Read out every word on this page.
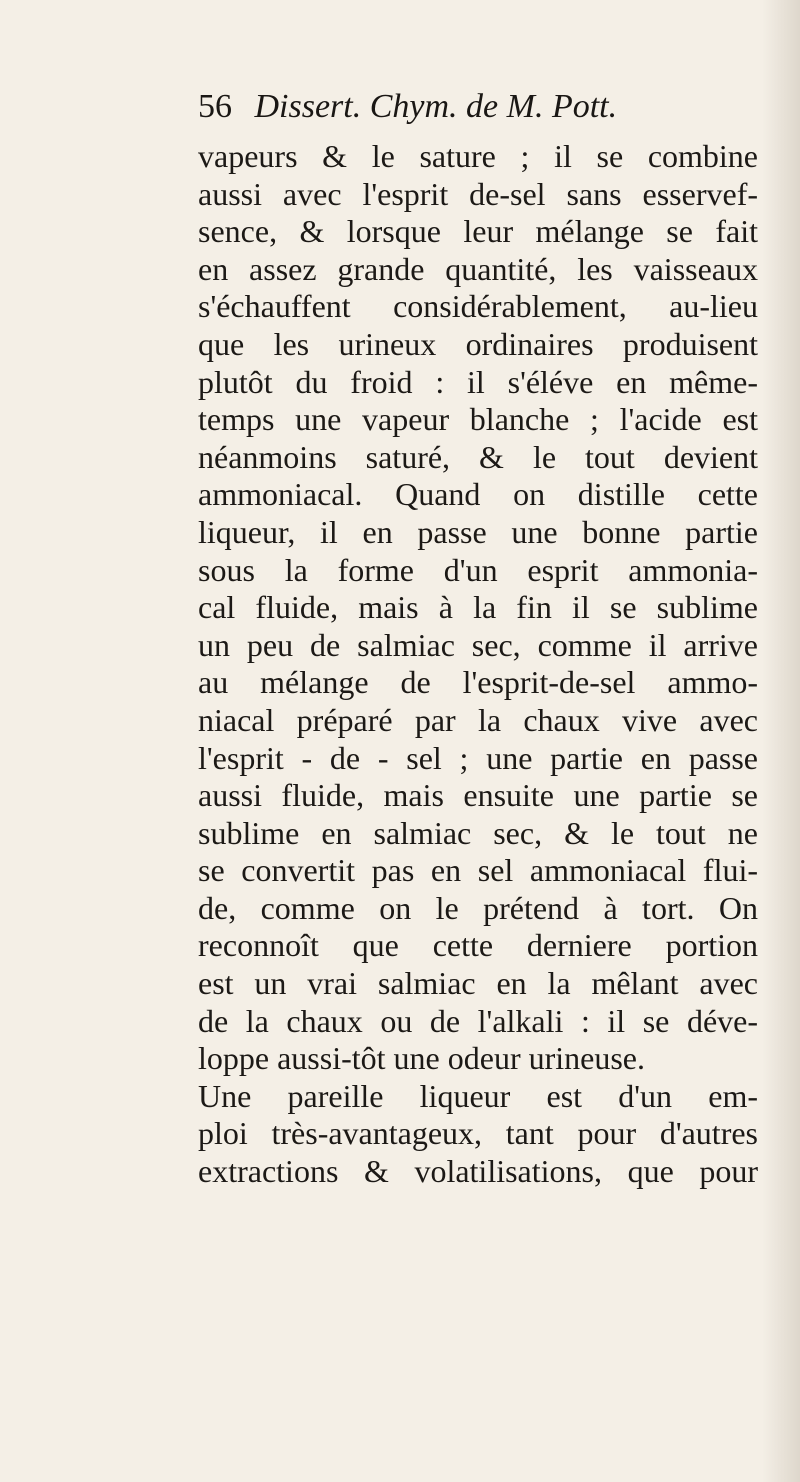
56 Dissert. Chym. de M. Pott.
vapeurs & le sature ; il se combine
aussi avec l'esprit de-sel sans esservef-
sence, & lorsque leur mélange se fait
en assez grande quantité, les vaisseaux
s'échauffent considérablement, au-lieu
que les urineux ordinaires produisent
plutôt du froid : il s'éléve en même-
temps une vapeur blanche ; l'acide est
néanmoins saturé, & le tout devient
ammoniacal. Quand on distille cette
liqueur, il en passe une bonne partie
sous la forme d'un esprit ammonia-
cal fluide, mais à la fin il se sublime
un peu de salmiac sec, comme il arrive
au mélange de l'esprit-de-sel ammo-
niacal préparé par la chaux vive avec
l'esprit - de - sel ; une partie en passe
aussi fluide, mais ensuite une partie se
sublime en salmiac sec, & le tout ne
se convertit pas en sel ammoniacal flui-
de, comme on le prétend à tort. On
reconnoît que cette derniere portion
est un vrai salmiac en la mêlant avec
de la chaux ou de l'alkali : il se déve-
loppe aussi-tôt une odeur urineuse.
Une pareille liqueur est d'un em-
ploi très-avantageux, tant pour d'autres
extractions & volatilisations, que pour
